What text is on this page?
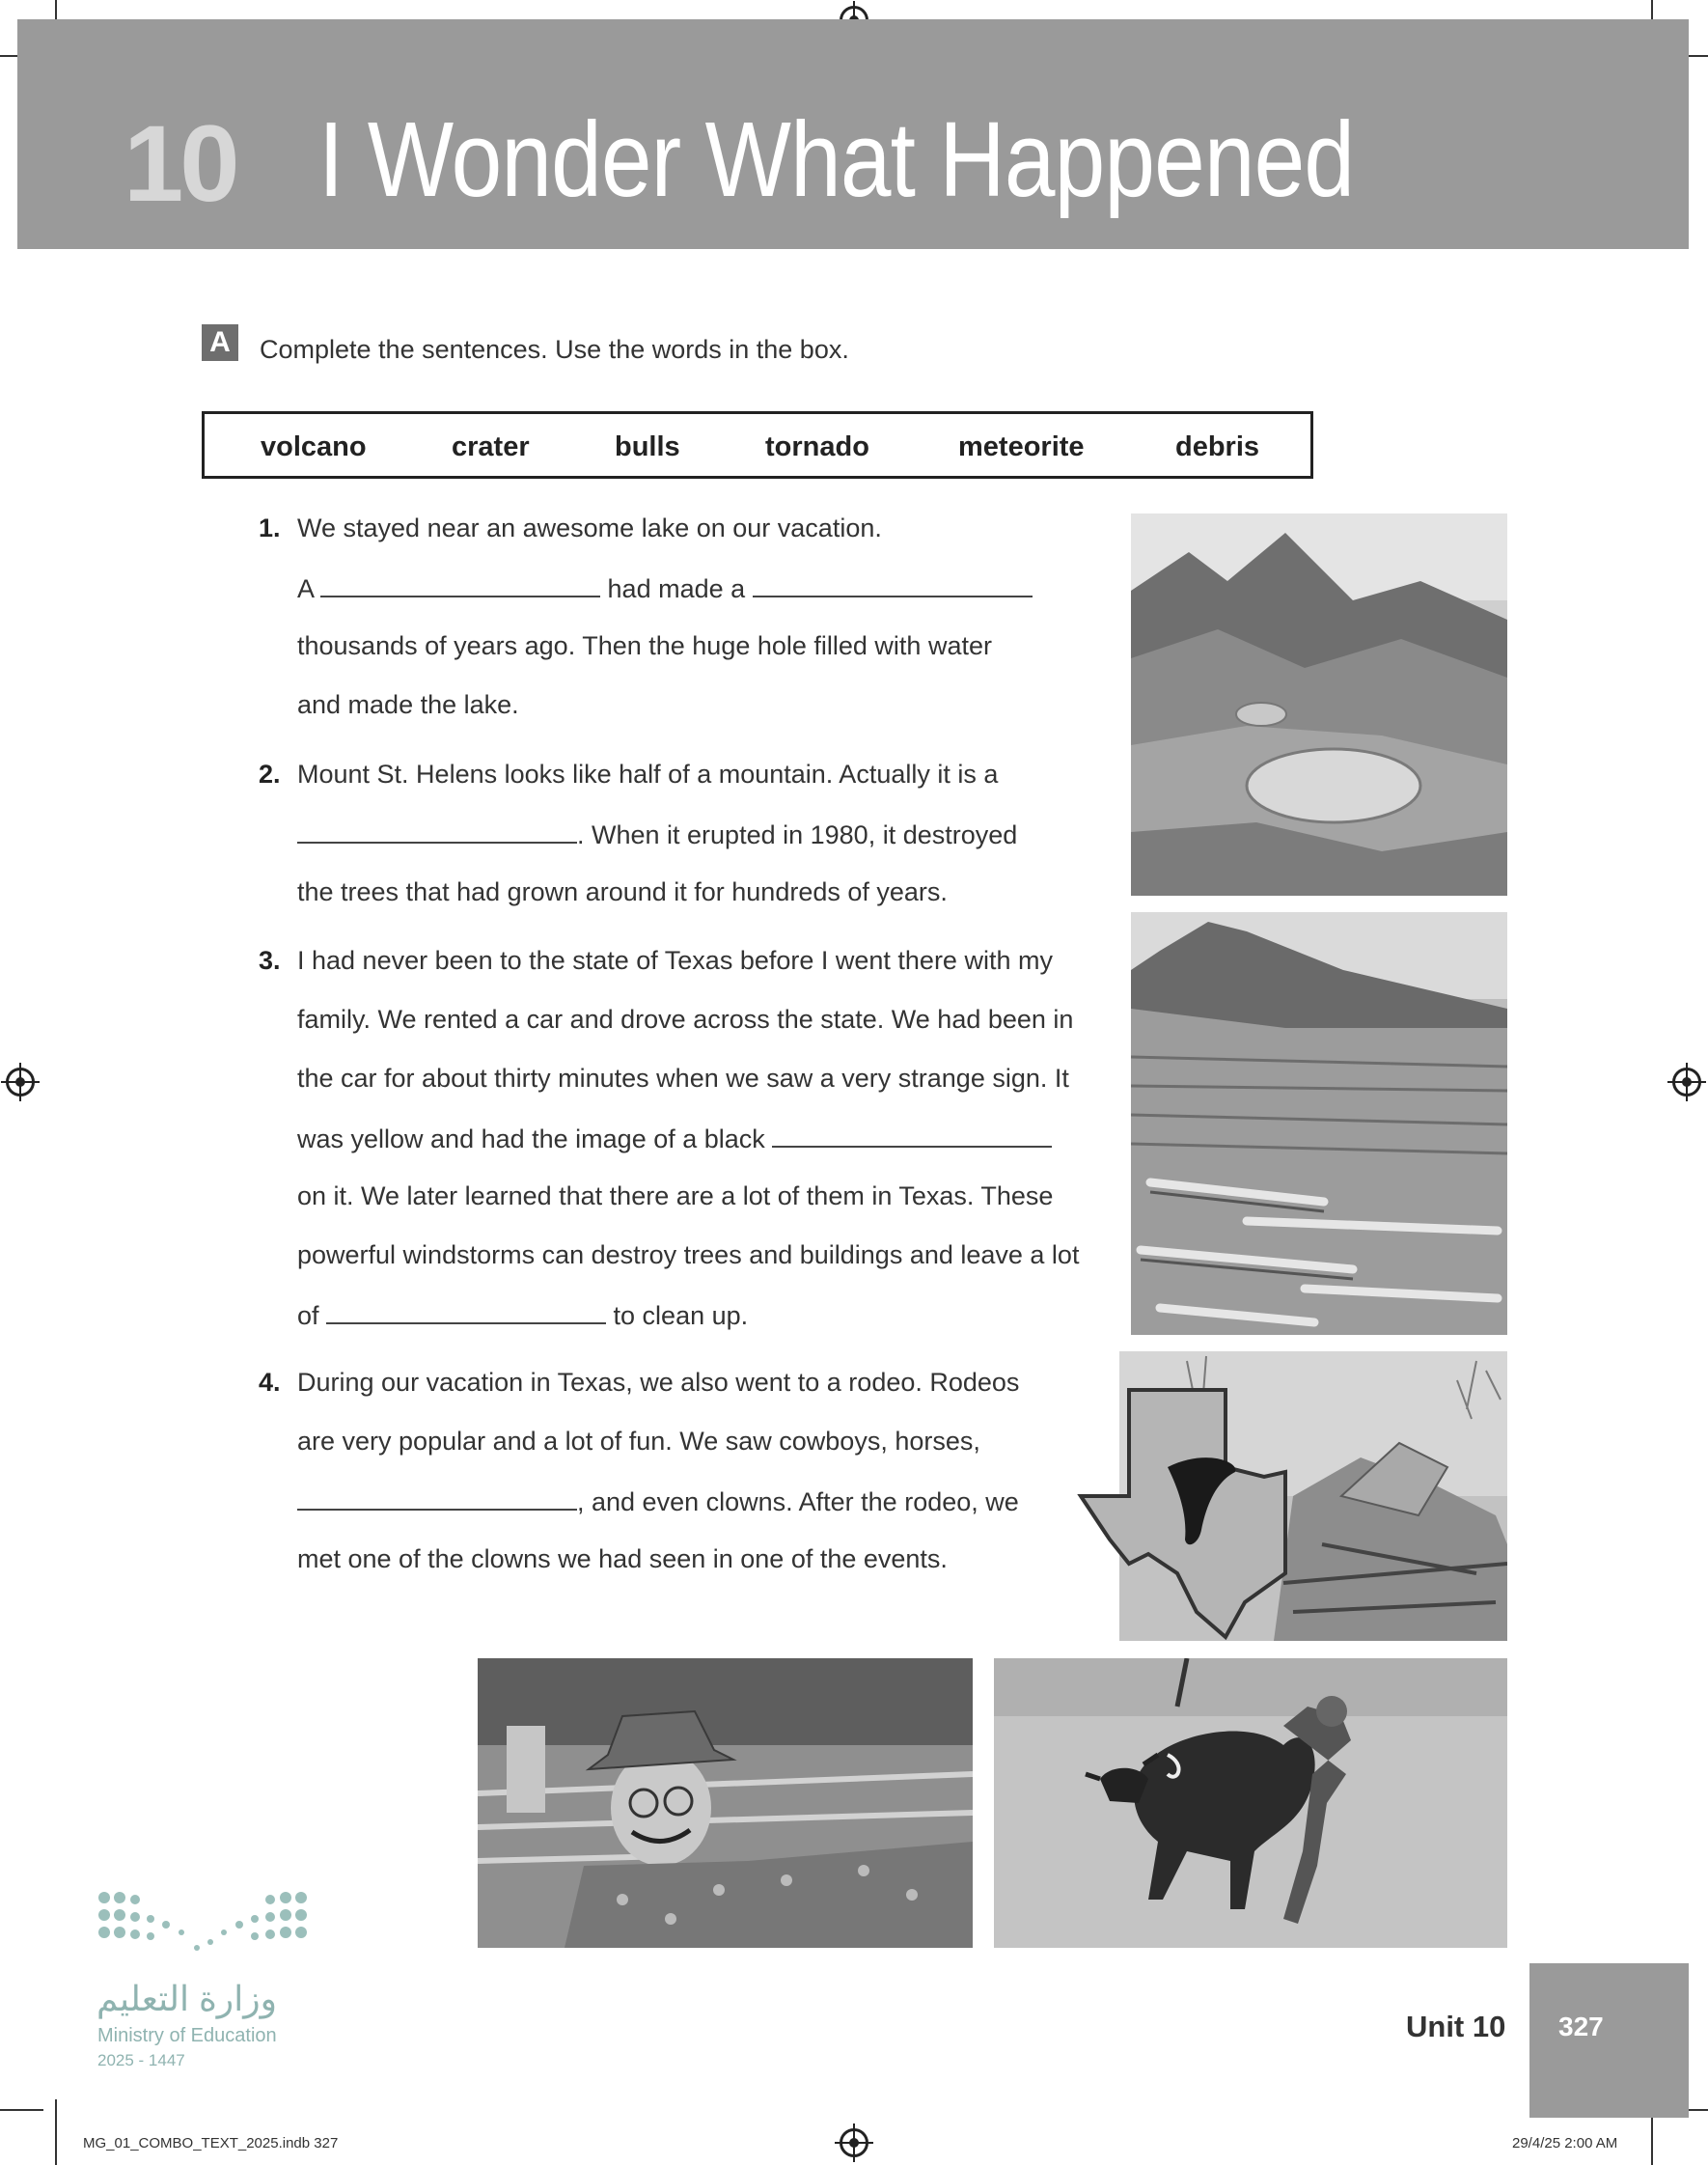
10 I Wonder What Happened
A	Complete the sentences. Use the words in the box.
volcano	crater	bulls	tornado	meteorite	debris
1. We stayed near an awesome lake on our vacation.
A	had made a
thousands of years ago. Then the huge hole filled with water
and made the lake.
2. Mount St. Helens looks like half of a mountain. Actually it is a
. When it erupted in 1980, it destroyed
the trees that had grown around it for hundreds of years.
3. I had never been to the state of Texas before I went there with my
family. We rented a car and drove across the state. We had been in
the car for about thirty minutes when we saw a very strange sign. It
was yellow and had the image of a black
on it. We later learned that there are a lot of them in Texas. These
powerful windstorms can destroy trees and buildings and leave a lot
of	to clean up.
4. During our vacation in Texas, we also went to a rodeo. Rodeos
are very popular and a lot of fun. We saw cowboys, horses,
, and even clowns. After the rodeo, we
met one of the clowns we had seen in one of the events.
وزارة التعليم
Ministry of Education
2025 - 1447
Unit 10 327
MG_01_COMBO_TEXT_2025.indb 327	29/4/25 2:00 AM
